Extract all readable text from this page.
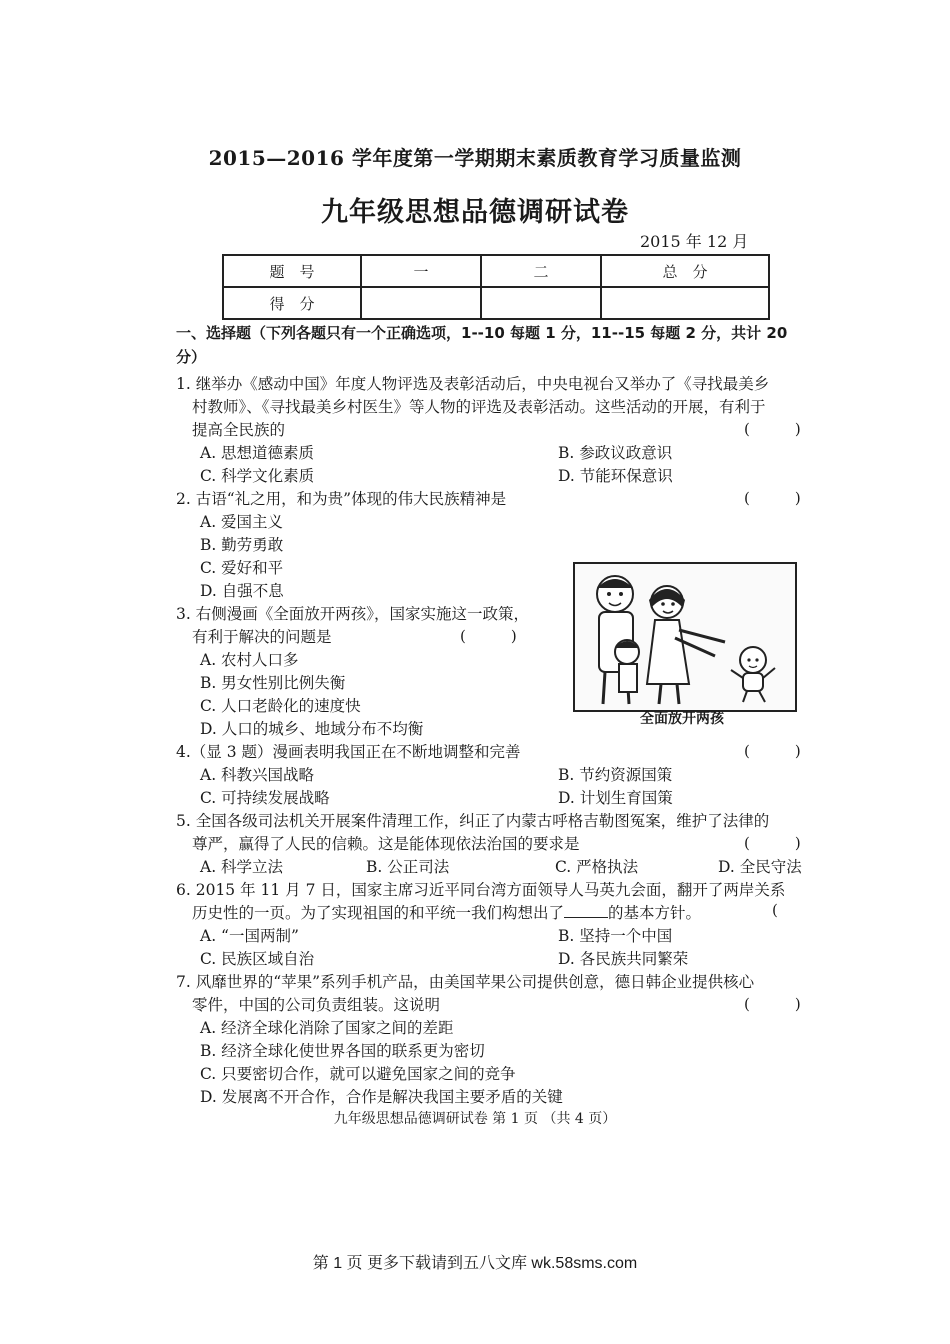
2015—2016 学年度第一学期期末素质教育学习质量监测
九年级思想品德调研试卷
2015 年 12 月
题　号	一	二	总　分
得　分			
一、选择题（下列各题只有一个正确选项，1--10 每题 1 分，11--15 每题 2 分，共计 20
分）
1. 继举办《感动中国》年度人物评选及表彰活动后，中央电视台又举办了《寻找最美乡
村教师》、《寻找最美乡村医生》等人物的评选及表彰活动。这些活动的开展，有利于
提高全民族的	(　　　)
A. 思想道德素质	B. 参政议政意识
C. 科学文化素质	D. 节能环保意识
2. 古语“礼之用，和为贵”体现的伟大民族精神是	(　　　)
A. 爱国主义
B. 勤劳勇敢
C. 爱好和平
D. 自强不息
3. 右侧漫画《全面放开两孩》，国家实施这一政策，
有利于解决的问题是	(　　　)
A. 农村人口多
B. 男女性别比例失衡
C. 人口老龄化的速度快
D. 人口的城乡、地域分布不均衡
全面放开两孩
4.（显 3 题）漫画表明我国正在不断地调整和完善	(　　　)
A. 科教兴国战略	B. 节约资源国策
C. 可持续发展战略	D. 计划生育国策
5. 全国各级司法机关开展案件清理工作，纠正了内蒙古呼格吉勒图冤案，维护了法律的
尊严，赢得了人民的信赖。这是能体现依法治国的要求是	(　　　)
A. 科学立法	B. 公正司法	C. 严格执法	D. 全民守法
6. 2015 年 11 月 7 日，国家主席习近平同台湾方面领导人马英九会面，翻开了两岸关系
历史性的一页。为了实现祖国的和平统一我们构想出了	的基本方针。	(
A. “一国两制”	B. 坚持一个中国
C. 民族区域自治	D. 各民族共同繁荣
7. 风靡世界的“苹果”系列手机产品，由美国苹果公司提供创意，德日韩企业提供核心
零件，中国的公司负责组装。这说明	(　　　)
A. 经济全球化消除了国家之间的差距
B. 经济全球化使世界各国的联系更为密切
C. 只要密切合作，就可以避免国家之间的竞争
D. 发展离不开合作，合作是解决我国主要矛盾的关键
九年级思想品德调研试卷 第 1 页 （共 4 页）
第 1 页 更多下载请到五八文库 wk.58sms.com
